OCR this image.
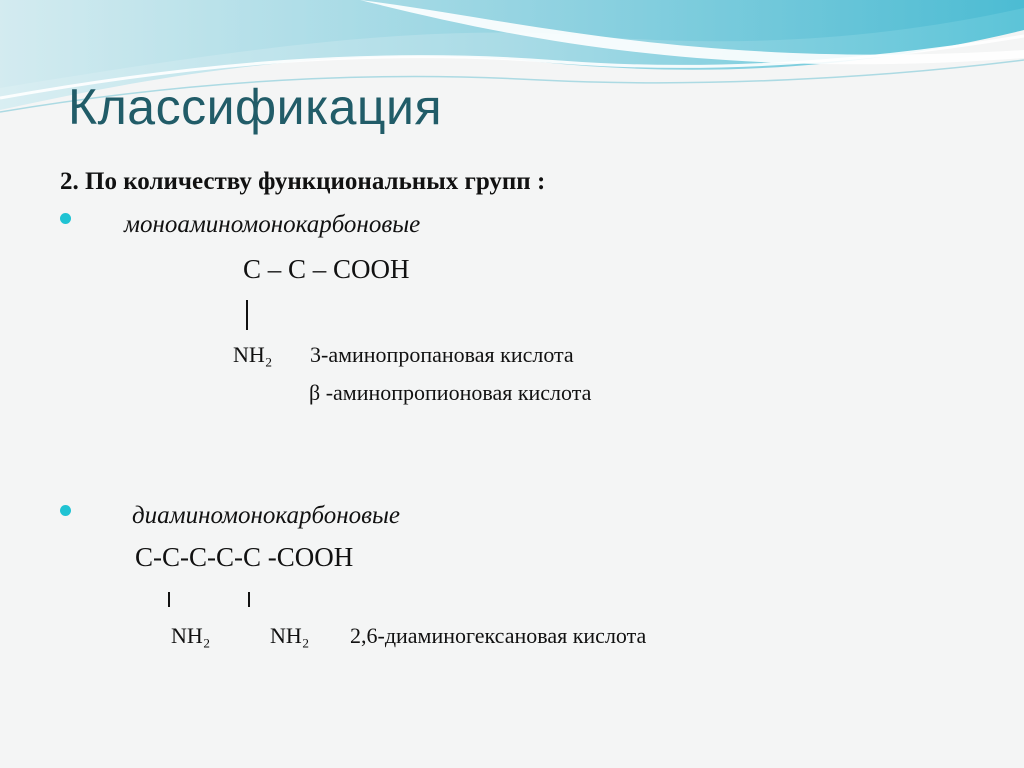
Классификация
2. По количеству функциональных групп :
моноаминомонокарбоновые
C – C – COOH
NH₂ 3-аминопропановая кислота
β -аминопропионовая кислота
диаминомонокарбоновые
C-C-C-C-C -COOH
NH₂	NH₂ 2,6-диаминогексановая кислота
